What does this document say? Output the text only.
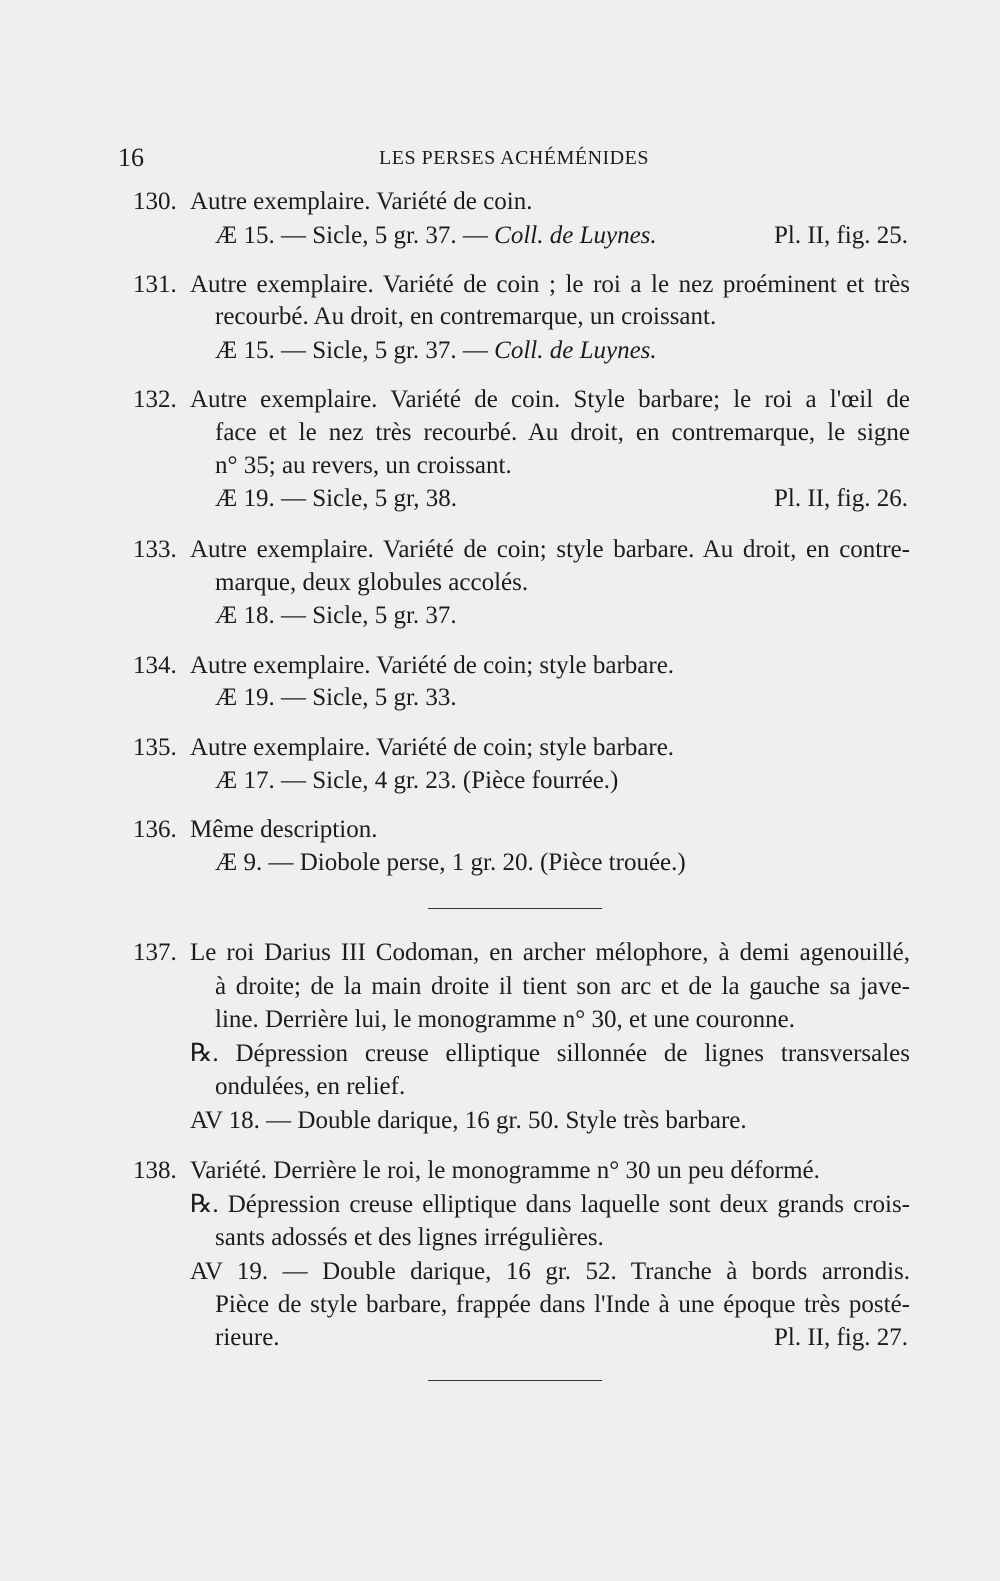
16	LES PERSES ACHÉMÉNIDES
130. Autre exemplaire. Variété de coin.
Æ 15. — Sicle, 5 gr. 37. — Coll. de Luynes.	Pl. II, fig. 25.
131. Autre exemplaire. Variété de coin ; le roi a le nez proéminent et très
recourbé. Au droit, en contremarque, un croissant.
Æ 15. — Sicle, 5 gr. 37. — Coll. de Luynes.
132. Autre exemplaire. Variété de coin. Style barbare; le roi a l'œil de
face et le nez très recourbé. Au droit, en contremarque, le signe
n° 35; au revers, un croissant.
Æ 19. — Sicle, 5 gr, 38.	Pl. II, fig. 26.
133. Autre exemplaire. Variété de coin; style barbare. Au droit, en contre-
marque, deux globules accolés.
Æ 18. — Sicle, 5 gr. 37.
134. Autre exemplaire. Variété de coin; style barbare.
Æ 19. — Sicle, 5 gr. 33.
135. Autre exemplaire. Variété de coin; style barbare.
Æ 17. — Sicle, 4 gr. 23. (Pièce fourrée.)
136. Même description.
Æ 9. — Diobole perse, 1 gr. 20. (Pièce trouée.)
137. Le roi Darius III Codoman, en archer mélophore, à demi agenouillé,
à droite; de la main droite il tient son arc et de la gauche sa jave-
line. Derrière lui, le monogramme n° 30, et une couronne.
℞. Dépression creuse elliptique sillonnée de lignes transversales
ondulées, en relief.
AV 18. — Double darique, 16 gr. 50. Style très barbare.
138. Variété. Derrière le roi, le monogramme n° 30 un peu déformé.
℞. Dépression creuse elliptique dans laquelle sont deux grands crois-
sants adossés et des lignes irrégulières.
AV 19. — Double darique, 16 gr. 52. Tranche à bords arrondis.
Pièce de style barbare, frappée dans l'Inde à une époque très posté-
rieure.	Pl. II, fig. 27.
